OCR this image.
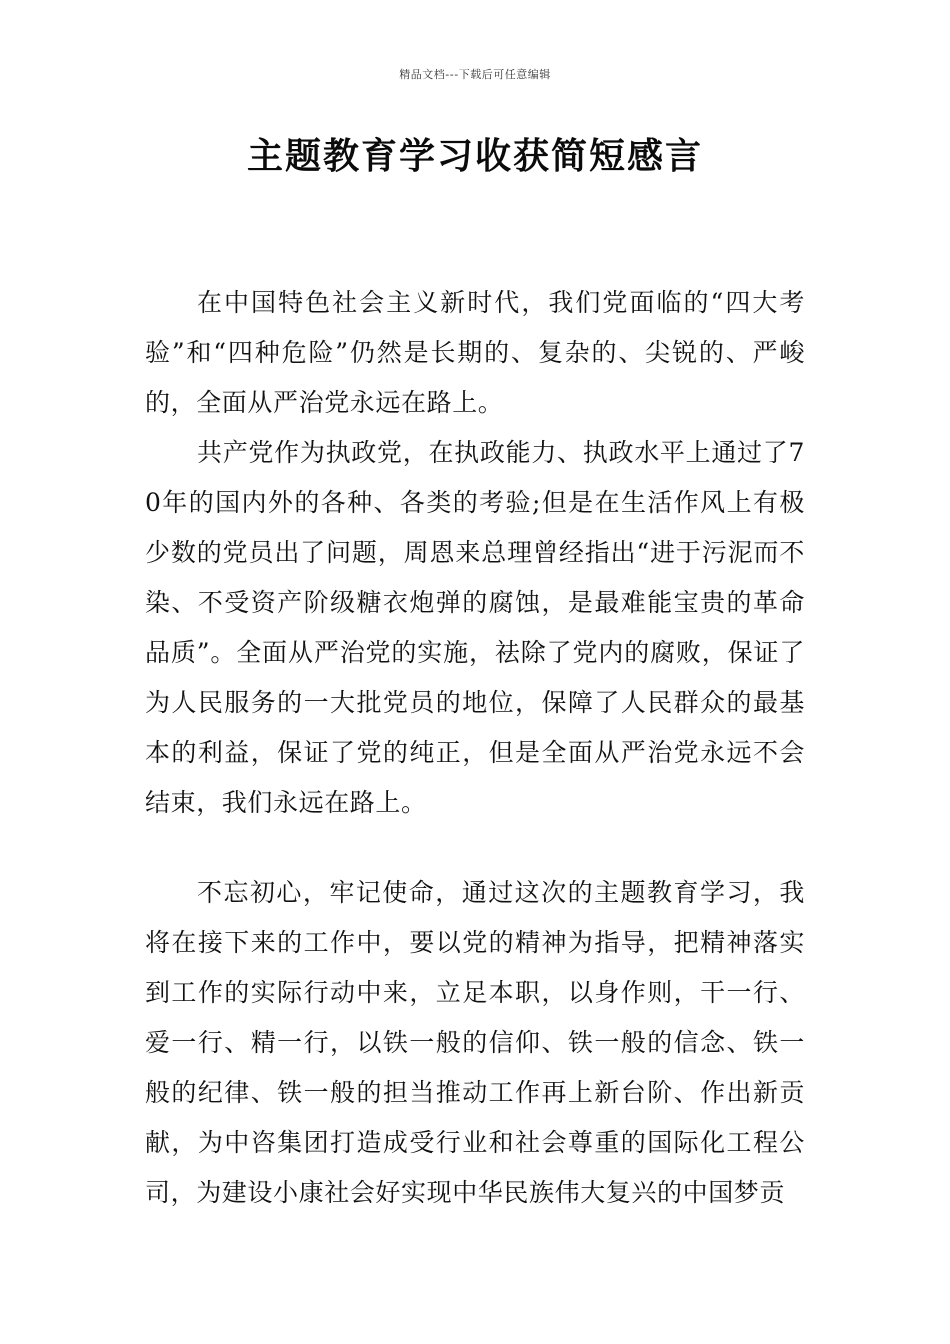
精品文档---下载后可任意编辑
主题教育学习收获简短感言

在中国特色社会主义新时代，我们党面临的“四大考验”和“四种危险”仍然是长期的、复杂的、尖锐的、严峻的，全面从严治党永远在路上。

共产党作为执政党，在执政能力、执政水平上通过了70年的国内外的各种、各类的考验;但是在生活作风上有极少数的党员出了问题，周恩来总理曾经指出“进于污泥而不染、不受资产阶级糖衣炮弹的腐蚀，是最难能宝贵的革命品质”。全面从严治党的实施，祛除了党内的腐败，保证了为人民服务的一大批党员的地位，保障了人民群众的最基本的利益，保证了党的纯正，但是全面从严治党永远不会结束，我们永远在路上。

不忘初心，牢记使命，通过这次的主题教育学习，我将在接下来的工作中，要以党的精神为指导，把精神落实到工作的实际行动中来，立足本职，以身作则，干一行、爱一行、精一行，以铁一般的信仰、铁一般的信念、铁一般的纪律、铁一般的担当推动工作再上新台阶、作出新贡献，为中咨集团打造成受行业和社会尊重的国际化工程公司，为建设小康社会好实现中华民族伟大复兴的中国梦贡
